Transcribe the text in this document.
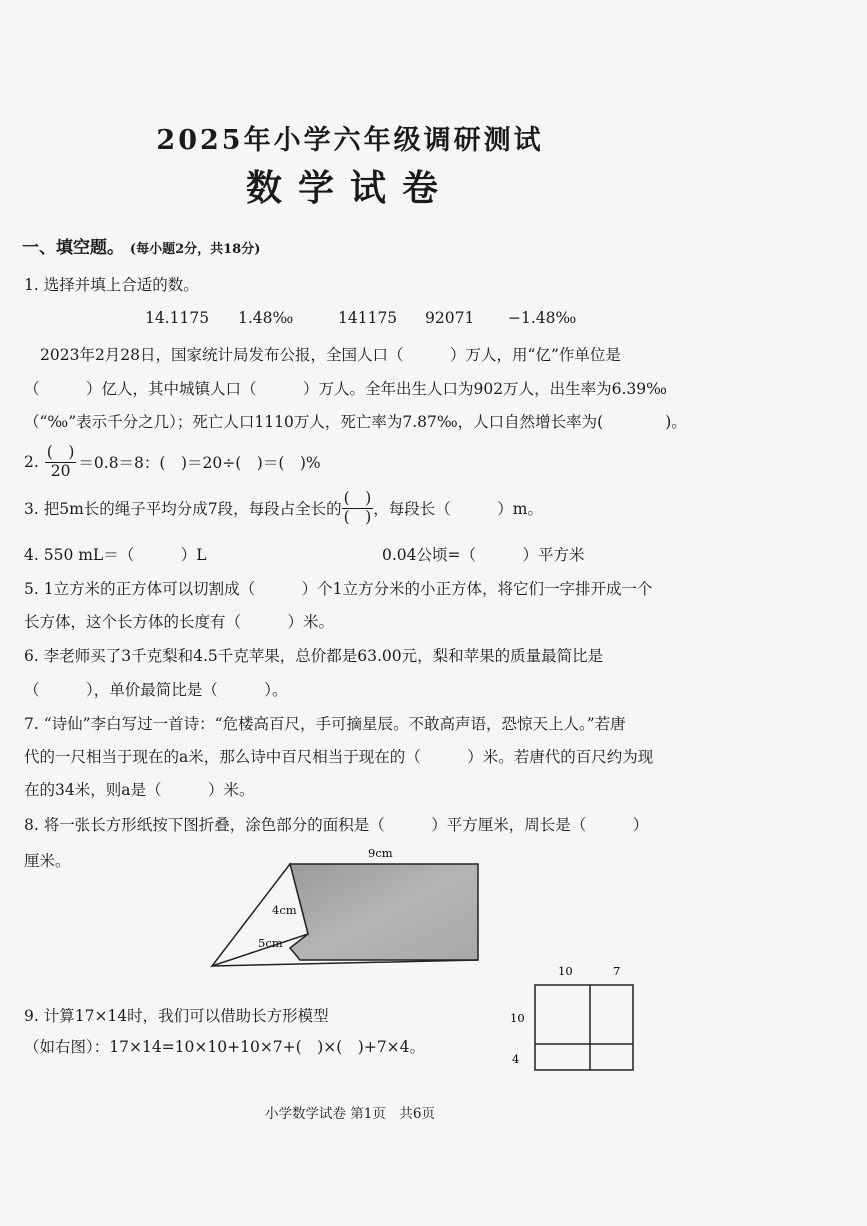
2025年小学六年级调研测试
数学试卷
一、填空题。 (每小题2分，共18分)
1. 选择并填上合适的数。
14.1175 1.48‰	141175 92071 −1.48‰
2023年2月28日，国家统计局发布公报，全国人口（　　　）万人，用“亿”作单位是
（　　　）亿人，其中城镇人口（　　　）万人。全年出生人口为902万人，出生率为6.39‰
（“‰”表示千分之几）；死亡人口1110万人，死亡率为7.87‰，人口自然增长率为(　　　　)。
2. $\frac{( )}{20} =0.8=8$：(　)＝20÷(　)＝(　)%
3. 把5m长的绳子平均分成7段，每段占全长的 $\frac{( )}{( )}$ ，每段长（　　　）m。
4. 550 mL＝（　　　）L	0.04公顷=（　　　）平方米
5. 1立方米的正方体可以切割成（　　　）个1立方分米的小正方体，将它们一字排开成一个
长方体，这个长方体的长度有（　　　）米。
6. 李老师买了3千克梨和4.5千克苹果，总价都是63.00元，梨和苹果的质量最简比是
（　　　），单价最简比是（　　　）。
7. “诗仙”李白写过一首诗：“危楼高百尺，手可摘星辰。不敢高声语，恐惊天上人。”若唐
代的一尺相当于现在的a米，那么诗中百尺相当于现在的（　　　）米。若唐代的百尺约为现
在的34米，则a是（　　　）米。
8. 将一张长方形纸按下图折叠，涂色部分的面积是（　　　）平方厘米，周长是（　　　）
厘米。	9cm
4cm
5cm
9. 计算17×14时，我们可以借助长方形模型
（如右图）：17×14=10×10+10×7+(　)×(　)+7×4。
10	7
10
4
小学数学试卷 第1页　共6页
